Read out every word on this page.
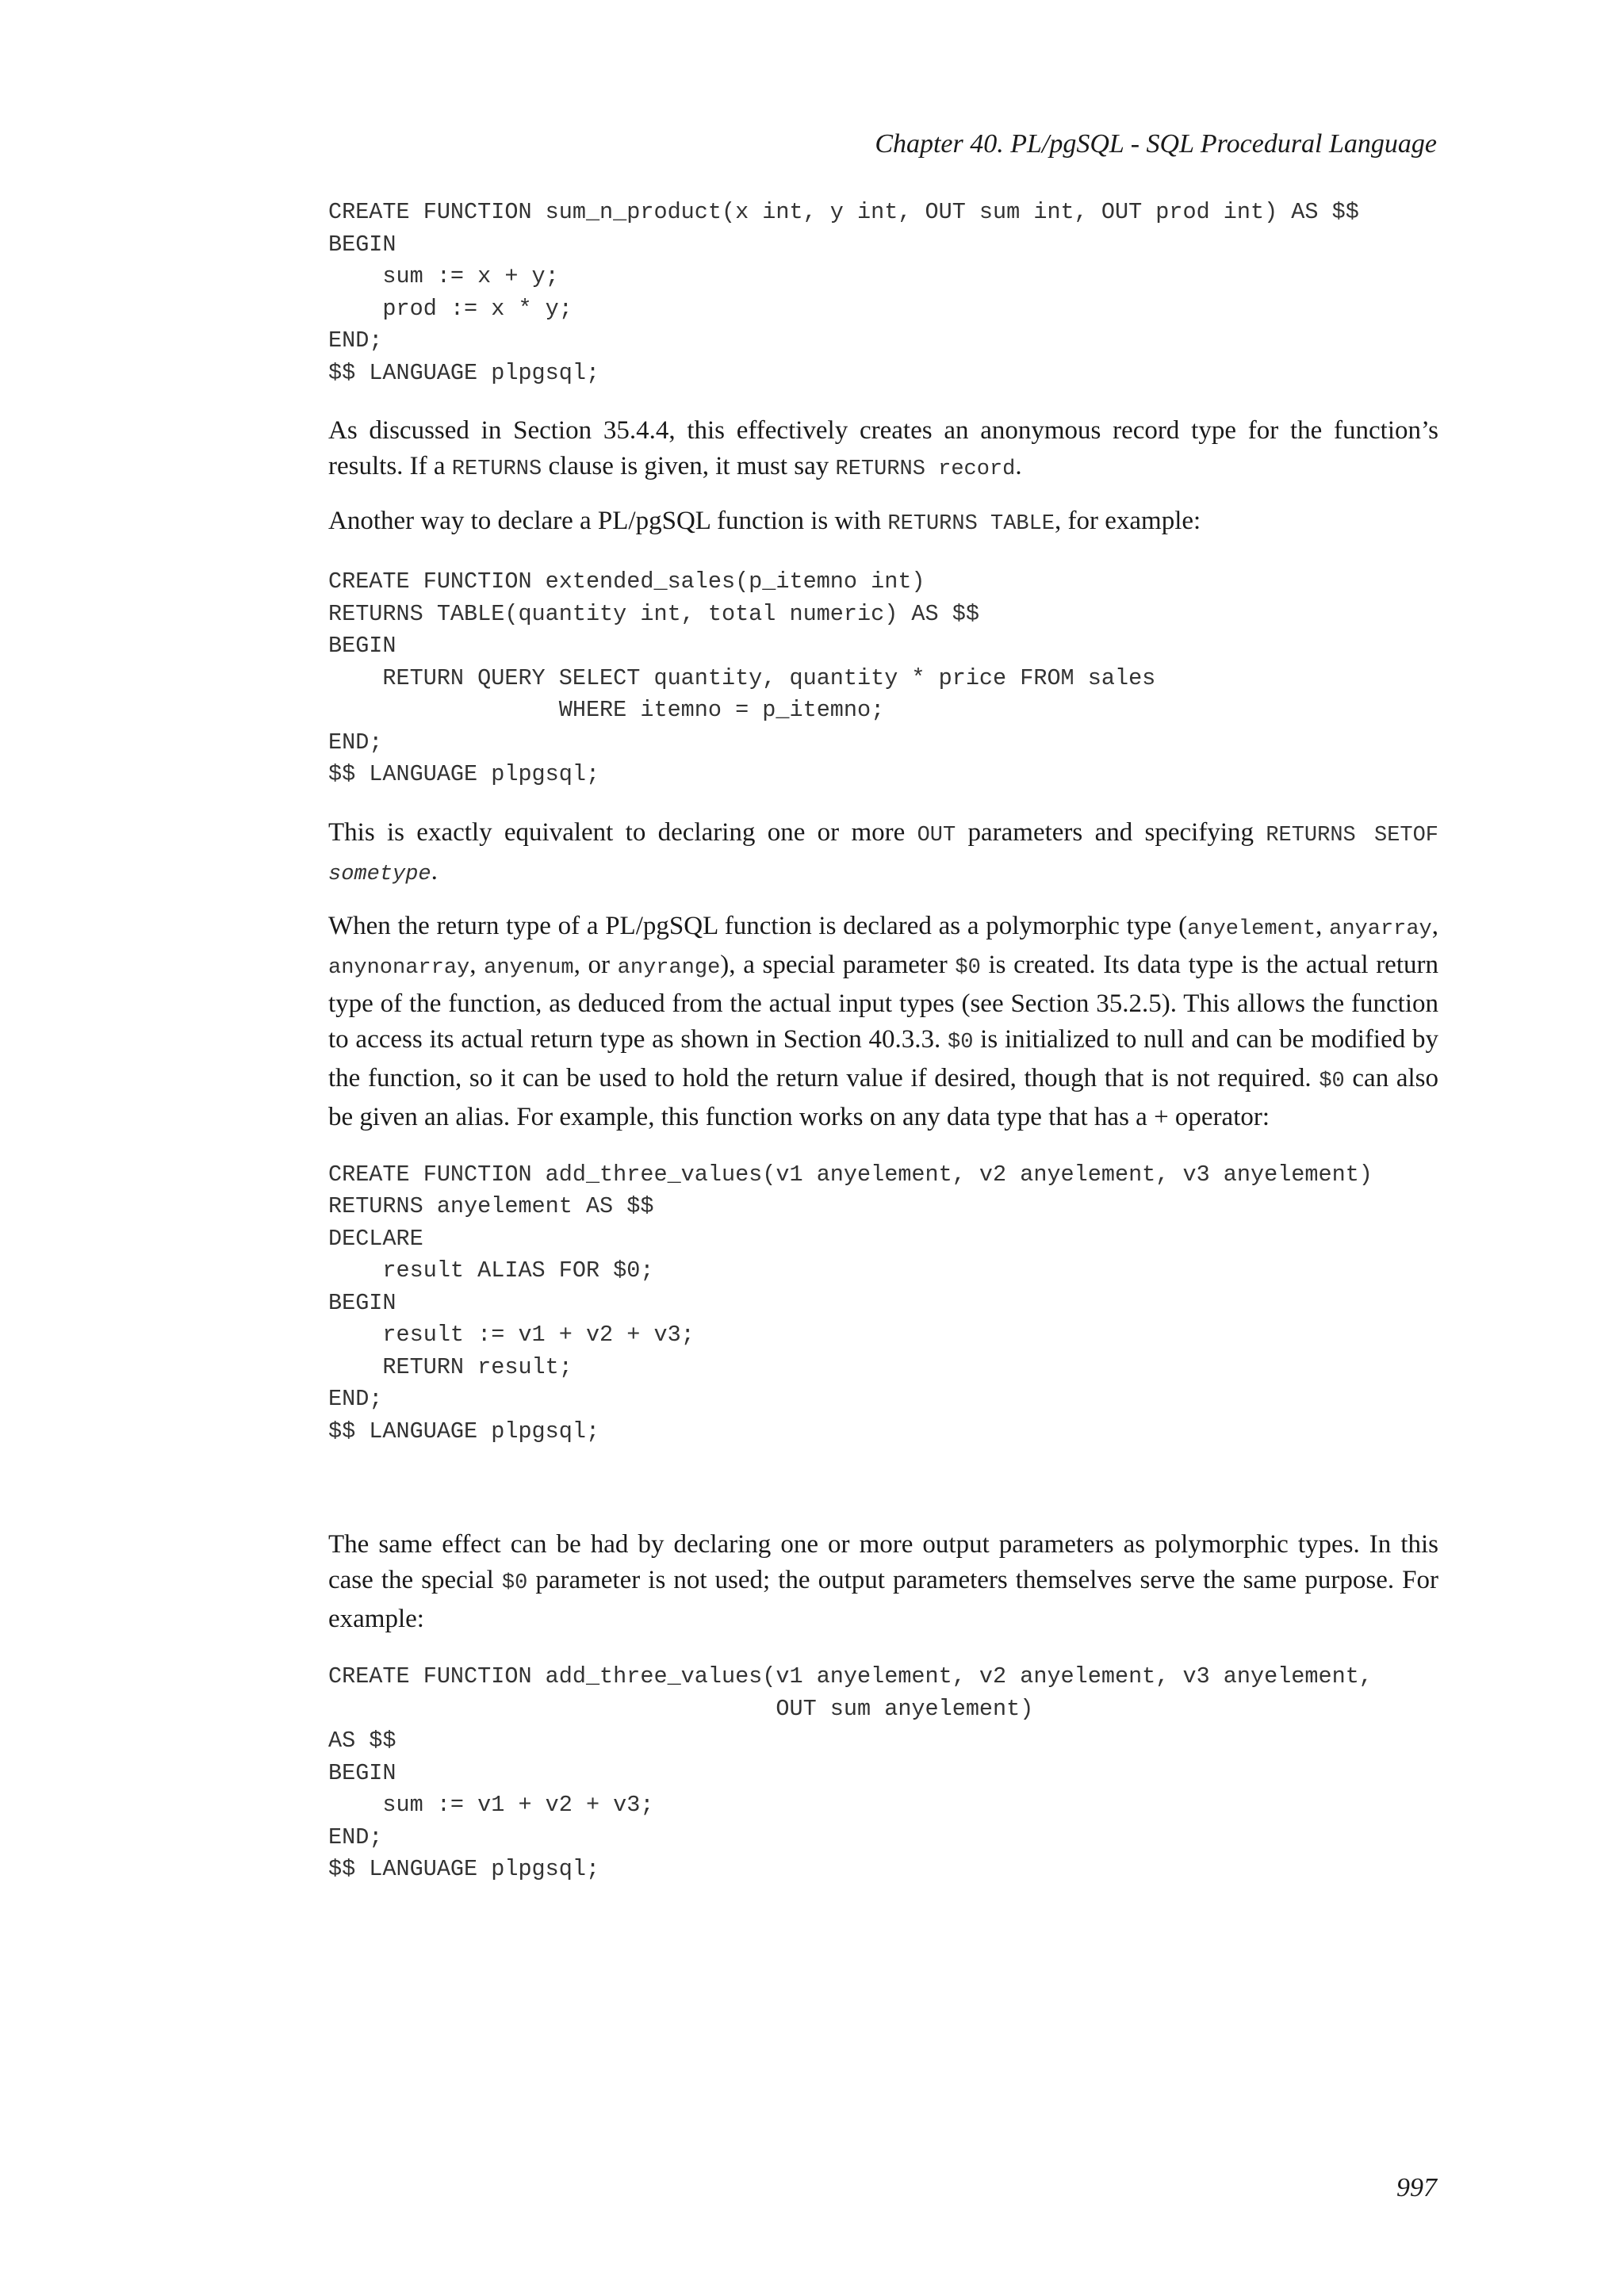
Chapter 40. PL/pgSQL - SQL Procedural Language
CREATE FUNCTION sum_n_product(x int, y int, OUT sum int, OUT prod int) AS $$
BEGIN
sum := x + y;
prod := x * y;
END;
$$ LANGUAGE plpgsql;

As discussed in Section 35.4.4, this effectively creates an anonymous record type for the function’s results. If a RETURNS clause is given, it must say RETURNS record.

Another way to declare a PL/pgSQL function is with RETURNS TABLE, for example:

CREATE FUNCTION extended_sales(p_itemno int)
RETURNS TABLE(quantity int, total numeric) AS $$
BEGIN
RETURN QUERY SELECT quantity, quantity * price FROM sales
WHERE itemno = p_itemno;
END;
$$ LANGUAGE plpgsql;

This is exactly equivalent to declaring one or more OUT parameters and specifying RETURNS SETOF sometype.

When the return type of a PL/pgSQL function is declared as a polymorphic type (anyelement, anyarray, anynonarray, anyenum, or anyrange), a special parameter $0 is created. Its data type is the actual return type of the function, as deduced from the actual input types (see Section 35.2.5). This allows the function to access its actual return type as shown in Section 40.3.3. $0 is initialized to null and can be modified by the function, so it can be used to hold the return value if desired, though that is not required. $0 can also be given an alias. For example, this function works on any data type that has a + operator:

CREATE FUNCTION add_three_values(v1 anyelement, v2 anyelement, v3 anyelement)
RETURNS anyelement AS $$
DECLARE
result ALIAS FOR $0;
BEGIN
result := v1 + v2 + v3;
RETURN result;
END;
$$ LANGUAGE plpgsql;

The same effect can be had by declaring one or more output parameters as polymorphic types. In this case the special $0 parameter is not used; the output parameters themselves serve the same purpose. For example:

CREATE FUNCTION add_three_values(v1 anyelement, v2 anyelement, v3 anyelement,
OUT sum anyelement)
AS $$
BEGIN
sum := v1 + v2 + v3;
END;
$$ LANGUAGE plpgsql;
997
